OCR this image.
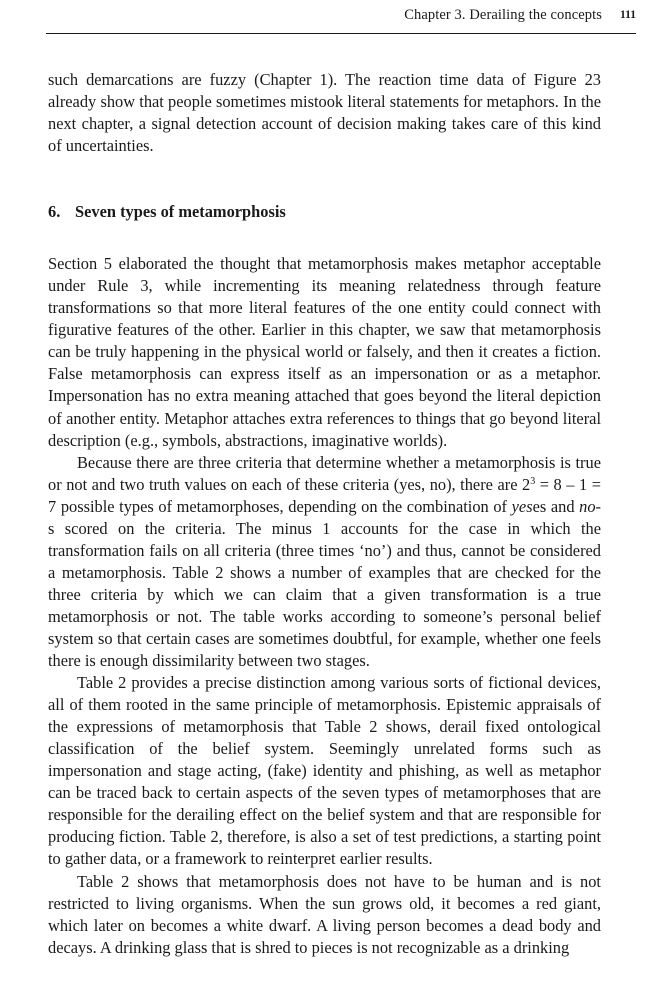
Chapter 3. Derailing the concepts 111

such demarcations are fuzzy (Chapter 1). The reaction time data of Figure 23 already show that people sometimes mistook literal statements for metaphors. In the next chapter, a signal detection account of decision making takes care of this kind of uncertainties.

6. Seven types of metamorphosis

Section 5 elaborated the thought that metamorphosis makes metaphor acceptable under Rule 3, while incrementing its meaning relatedness through feature transformations so that more literal features of the one entity could connect with figurative features of the other. Earlier in this chapter, we saw that metamorphosis can be truly happening in the physical world or falsely, and then it creates a fiction. False metamorphosis can express itself as an impersonation or as a metaphor. Impersonation has no extra meaning attached that goes beyond the literal depiction of another entity. Metaphor attaches extra references to things that go beyond literal description (e.g., symbols, abstractions, imaginative worlds).

Because there are three criteria that determine whether a metamorphosis is true or not and two truth values on each of these criteria (yes, no), there are $2^3 = 8 - 1 = 7$ possible types of metamorphoses, depending on the combination of yeses and no-s scored on the criteria. The minus 1 accounts for the case in which the transformation fails on all criteria (three times ‘no’) and thus, cannot be considered a metamorphosis. Table 2 shows a number of examples that are checked for the three criteria by which we can claim that a given transformation is a true metamorphosis or not. The table works according to someone’s personal belief system so that certain cases are sometimes doubtful, for example, whether one feels there is enough dissimilarity between two stages.

Table 2 provides a precise distinction among various sorts of fictional devices, all of them rooted in the same principle of metamorphosis. Epistemic appraisals of the expressions of metamorphosis that Table 2 shows, derail fixed ontological classification of the belief system. Seemingly unrelated forms such as impersonation and stage acting, (fake) identity and phishing, as well as metaphor can be traced back to certain aspects of the seven types of metamorphoses that are responsible for the derailing effect on the belief system and that are responsible for producing fiction. Table 2, therefore, is also a set of test predictions, a starting point to gather data, or a framework to reinterpret earlier results.

Table 2 shows that metamorphosis does not have to be human and is not restricted to living organisms. When the sun grows old, it becomes a red giant, which later on becomes a white dwarf. A living person becomes a dead body and decays. A drinking glass that is shred to pieces is not recognizable as a drinking
